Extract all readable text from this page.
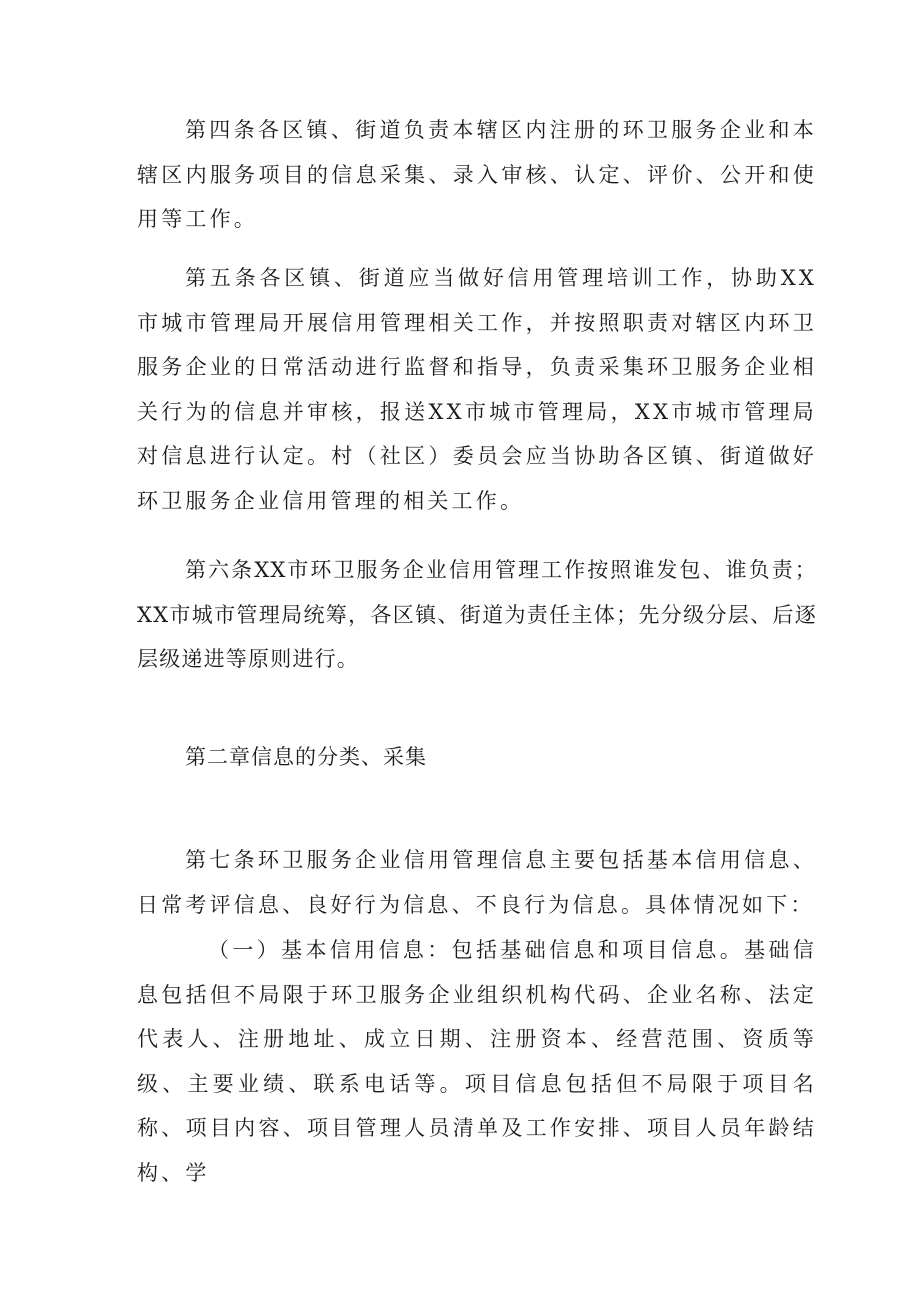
第四条各区镇、街道负责本辖区内注册的环卫服务企业和本辖区内服务项目的信息采集、录入审核、认定、评价、公开和使用等工作。

第五条各区镇、街道应当做好信用管理培训工作，协助XX市城市管理局开展信用管理相关工作，并按照职责对辖区内环卫服务企业的日常活动进行监督和指导，负责采集环卫服务企业相关行为的信息并审核，报送XX市城市管理局，XX市城市管理局对信息进行认定。村（社区）委员会应当协助各区镇、街道做好环卫服务企业信用管理的相关工作。

第六条XX市环卫服务企业信用管理工作按照谁发包、谁负责；XX市城市管理局统筹，各区镇、街道为责任主体；先分级分层、后逐层级递进等原则进行。

第二章信息的分类、采集

第七条环卫服务企业信用管理信息主要包括基本信用信息、日常考评信息、良好行为信息、不良行为信息。具体情况如下：

（一）基本信用信息：包括基础信息和项目信息。基础信息包括但不局限于环卫服务企业组织机构代码、企业名称、法定代表人、注册地址、成立日期、注册资本、经营范围、资质等级、主要业绩、联系电话等。项目信息包括但不局限于项目名称、项目内容、项目管理人员清单及工作安排、项目人员年龄结构、学
